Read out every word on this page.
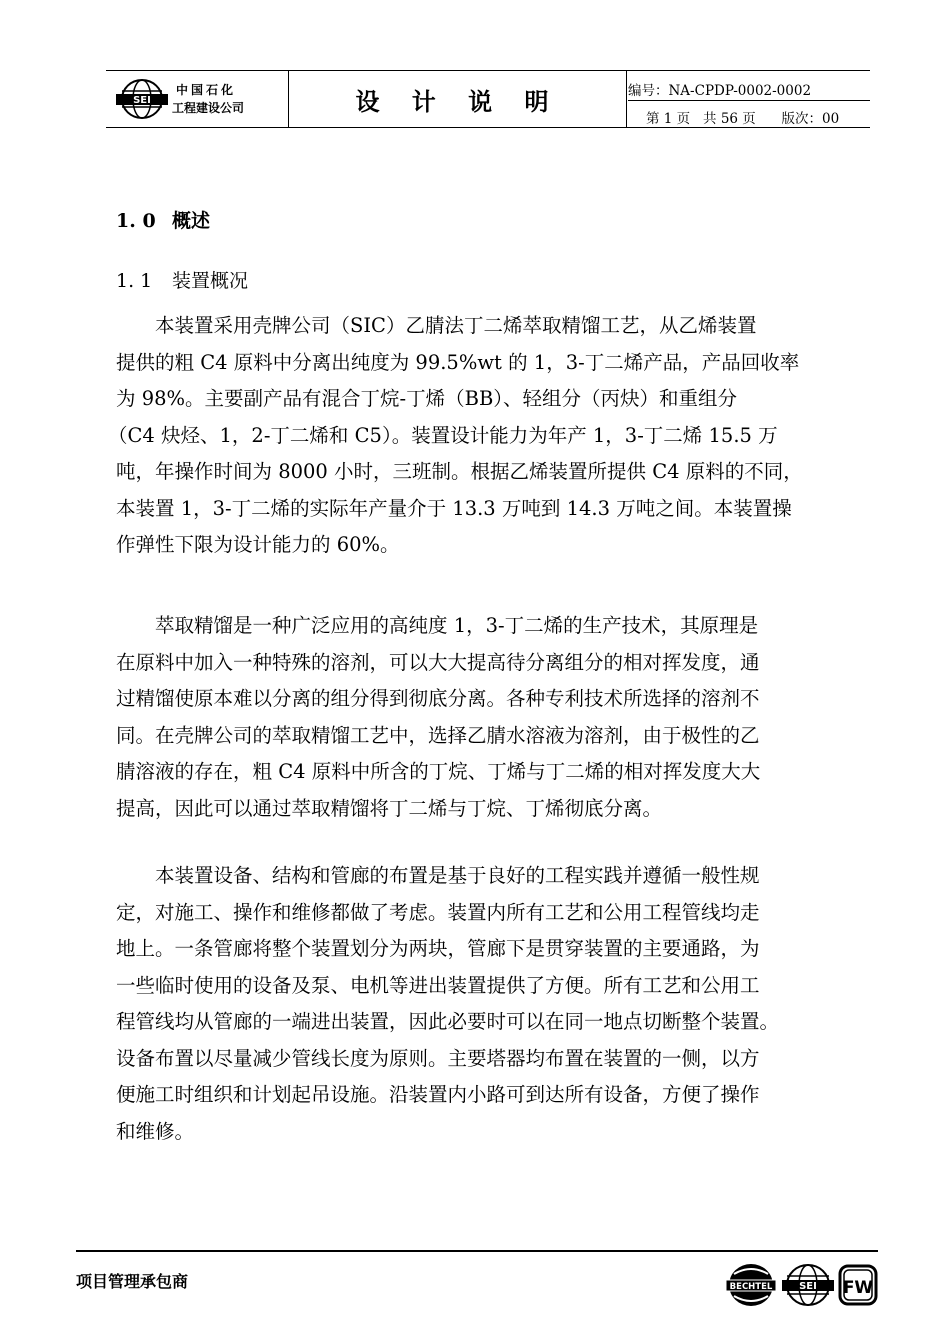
SEI
中国石化
工程建设公司	设 计 说 明	编号：NA-CPDP-0002-0002
第 1 页   共 56 页      版次：00
1. 0 概述
1. 1 装置概况

　　本装置采用壳牌公司（SIC）乙腈法丁二烯萃取精馏工艺，从乙烯装置

提供的粗 C4 原料中分离出纯度为 99.5%wt 的 1，3-丁二烯产品，产品回收率

为 98%。主要副产品有混合丁烷-丁烯（BB）、轻组分（丙炔）和重组分

（C4 炔烃、1，2-丁二烯和 C5）。装置设计能力为年产 1，3-丁二烯 15.5 万

吨，年操作时间为 8000 小时，三班制。根据乙烯装置所提供 C4 原料的不同，

本装置 1，3-丁二烯的实际年产量介于 13.3 万吨到 14.3 万吨之间。本装置操

作弹性下限为设计能力的 60%。

　　萃取精馏是一种广泛应用的高纯度 1，3-丁二烯的生产技术，其原理是

在原料中加入一种特殊的溶剂，可以大大提高待分离组分的相对挥发度，通

过精馏使原本难以分离的组分得到彻底分离。各种专利技术所选择的溶剂不

同。在壳牌公司的萃取精馏工艺中，选择乙腈水溶液为溶剂，由于极性的乙

腈溶液的存在，粗 C4 原料中所含的丁烷、丁烯与丁二烯的相对挥发度大大

提高，因此可以通过萃取精馏将丁二烯与丁烷、丁烯彻底分离。

　　本装置设备、结构和管廊的布置是基于良好的工程实践并遵循一般性规

定，对施工、操作和维修都做了考虑。装置内所有工艺和公用工程管线均走

地上。一条管廊将整个装置划分为两块，管廊下是贯穿装置的主要通路，为

一些临时使用的设备及泵、电机等进出装置提供了方便。所有工艺和公用工

程管线均从管廊的一端进出装置，因此必要时可以在同一地点切断整个装置。

设备布置以尽量减少管线长度为原则。主要塔器均布置在装置的一侧，以方

便施工时组织和计划起吊设施。沿装置内小路可到达所有设备，方便了操作

和维修。

项目管理承包商	BECHTEL	SEI FW
